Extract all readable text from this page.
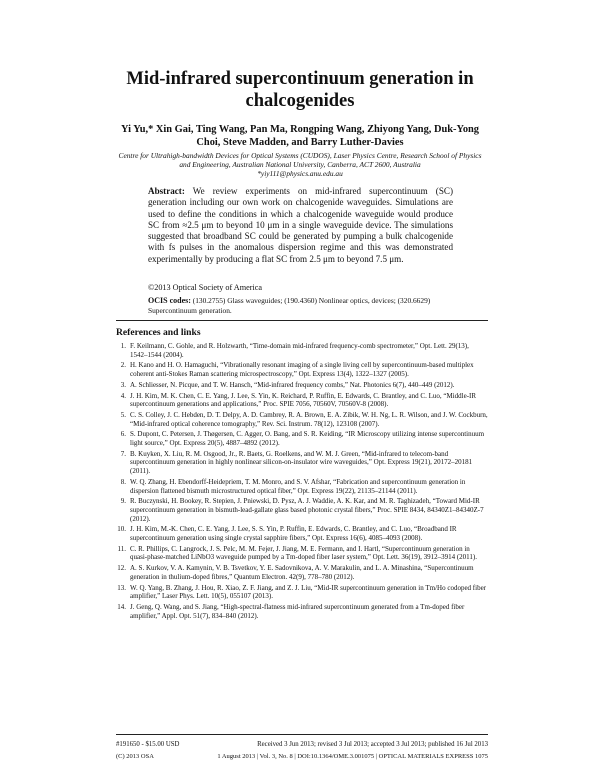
Mid-infrared supercontinuum generation in chalcogenides
Yi Yu,* Xin Gai, Ting Wang, Pan Ma, Rongping Wang, Zhiyong Yang, Duk-Yong Choi, Steve Madden, and Barry Luther-Davies
Centre for Ultrahigh-bandwidth Devices for Optical Systems (CUDOS), Laser Physics Centre, Research School of Physics and Engineering, Australian National University, Canberra, ACT 2600, Australia
*yiy111@physics.anu.edu.au
Abstract: We review experiments on mid-infrared supercontinuum (SC) generation including our own work on chalcogenide waveguides. Simulations are used to define the conditions in which a chalcogenide waveguide would produce SC from ≈2.5 μm to beyond 10 μm in a single waveguide device. The simulations suggested that broadband SC could be generated by pumping a bulk chalcogenide with fs pulses in the anomalous dispersion regime and this was demonstrated experimentally by producing a flat SC from 2.5 μm to beyond 7.5 μm.
©2013 Optical Society of America
OCIS codes: (130.2755) Glass waveguides; (190.4360) Nonlinear optics, devices; (320.6629) Supercontinuum generation.
References and links
1. F. Keilmann, C. Gohle, and R. Holzwarth, “Time-domain mid-infrared frequency-comb spectrometer,” Opt. Lett. 29(13), 1542–1544 (2004).
2. H. Kano and H. O. Hamaguchi, “Vibrationally resonant imaging of a single living cell by supercontinuum-based multiplex coherent anti-Stokes Raman scattering microspectroscopy,” Opt. Express 13(4), 1322–1327 (2005).
3. A. Schliesser, N. Picque, and T. W. Hansch, “Mid-infrared frequency combs,” Nat. Photonics 6(7), 440–449 (2012).
4. J. H. Kim, M. K. Chen, C. E. Yang, J. Lee, S. Yin, K. Reichard, P. Ruffin, E. Edwards, C. Brantley, and C. Luo, “Middle-IR supercontinuum generations and applications,” Proc. SPIE 7056, 70560V, 70560V-8 (2008).
5. C. S. Colley, J. C. Hebden, D. T. Delpy, A. D. Cambrey, R. A. Brown, E. A. Zibik, W. H. Ng, L. R. Wilson, and J. W. Cockburn, “Mid-infrared optical coherence tomography,” Rev. Sci. Instrum. 78(12), 123108 (2007).
6. S. Dupont, C. Petersen, J. Thøgersen, C. Agger, O. Bang, and S. R. Keiding, “IR Microscopy utilizing intense supercontinuum light source,” Opt. Express 20(5), 4887–4892 (2012).
7. B. Kuyken, X. Liu, R. M. Osgood, Jr., R. Baets, G. Roelkens, and W. M. J. Green, “Mid-infrared to telecom-band supercontinuum generation in highly nonlinear silicon-on-insulator wire waveguides,” Opt. Express 19(21), 20172–20181 (2011).
8. W. Q. Zhang, H. Ebendorff-Heidepriem, T. M. Monro, and S. V. Afshar, “Fabrication and supercontinuum generation in dispersion flattened bismuth microstructured optical fiber,” Opt. Express 19(22), 21135–21144 (2011).
9. R. Buczynski, H. Bookey, R. Stepien, J. Pniewski, D. Pysz, A. J. Waddie, A. K. Kar, and M. R. Taghizadeh, “Toward Mid-IR supercontinuum generation in bismuth-lead-gallate glass based photonic crystal fibers,” Proc. SPIE 8434, 84340Z1–84340Z-7 (2012).
10. J. H. Kim, M.-K. Chen, C. E. Yang, J. Lee, S. S. Yin, P. Ruffin, E. Edwards, C. Brantley, and C. Luo, “Broadband IR supercontinuum generation using single crystal sapphire fibers,” Opt. Express 16(6), 4085–4093 (2008).
11. C. R. Phillips, C. Langrock, J. S. Pelc, M. M. Fejer, J. Jiang, M. E. Fermann, and I. Hartl, “Supercontinuum generation in quasi-phase-matched LiNbO3 waveguide pumped by a Tm-doped fiber laser system,” Opt. Lett. 36(19), 3912–3914 (2011).
12. A. S. Kurkov, V. A. Kamynin, V. B. Tsvetkov, Y. E. Sadovnikova, A. V. Marakulin, and L. A. Minashina, “Supercontinuum generation in thulium-doped fibres,” Quantum Electron. 42(9), 778–780 (2012).
13. W. Q. Yang, B. Zhang, J. Hou, R. Xiao, Z. F. Jiang, and Z. J. Liu, “Mid-IR supercontinuum generation in Tm/Ho codoped fiber amplifier,” Laser Phys. Lett. 10(5), 055107 (2013).
14. J. Geng, Q. Wang, and S. Jiang, “High-spectral-flatness mid-infrared supercontinuum generated from a Tm-doped fiber amplifier,” Appl. Opt. 51(7), 834–840 (2012).
#191650 - $15.00 USD	Received 3 Jun 2013; revised 3 Jul 2013; accepted 3 Jul 2013; published 16 Jul 2013
(C) 2013 OSA	1 August 2013 | Vol. 3, No. 8 | DOI:10.1364/OME.3.001075 | OPTICAL MATERIALS EXPRESS 1075
